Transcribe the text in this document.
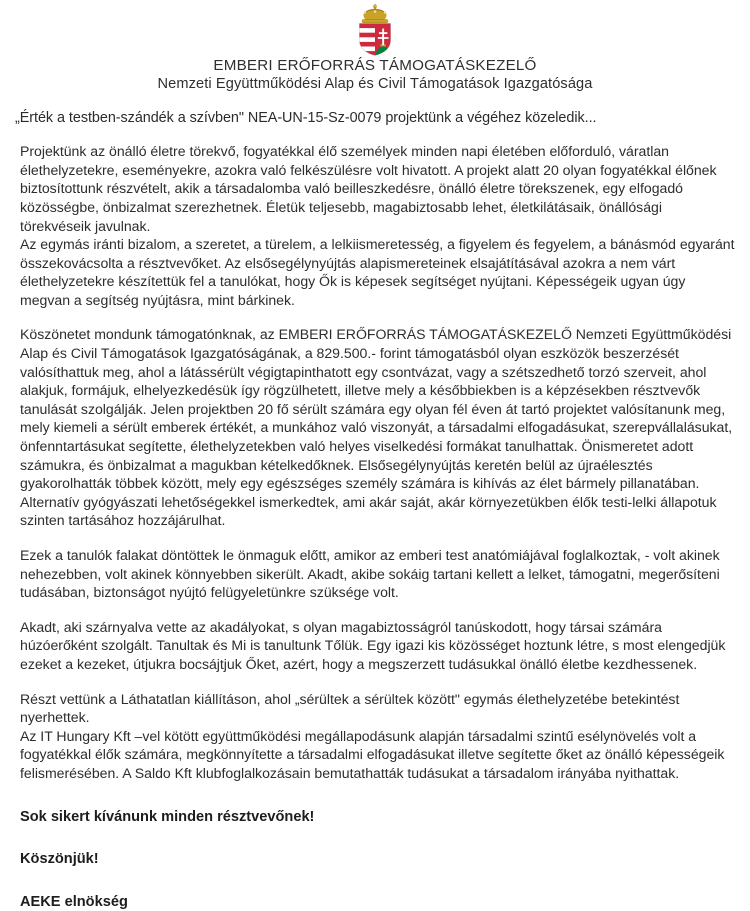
EMBERI ERŐFORRÁS TÁMOGATÁSKEZELŐ
Nemzeti Együttműködési Alap és Civil Támogatások Igazgatósága
„Érték a testben-szándék a szívben" NEA-UN-15-Sz-0079 projektünk a végéhez közeledik...

Projektünk az önálló életre törekvő, fogyatékkal élő személyek minden napi életében előforduló, váratlan élethelyzetekre, eseményekre, azokra való felkészülésre volt hivatott. A projekt alatt 20 olyan fogyatékkal élőnek biztosítottunk részvételt, akik a társadalomba való beilleszkedésre, önálló életre törekszenek, egy elfogadó közösségbe, önbizalmat szerezhetnek. Életük teljesebb, magabiztosabb lehet, életkilátásaik, önállósági törekvéseik javulnak.

Az egymás iránti bizalom, a szeretet, a türelem, a lelkiismeretesség, a figyelem és fegyelem, a bánásmód egyaránt összekovácsolta a résztvevőket. Az elsősegélynyújtás alapismereteinek elsajátításával azokra a nem várt élethelyzetekre készítettük fel a tanulókat, hogy Ők is képesek segítséget nyújtani. Képességeik ugyan úgy megvan a segítség nyújtásra, mint bárkinek.

Köszönetet mondunk támogatónknak, az EMBERI ERŐFORRÁS TÁMOGATÁSKEZELŐ Nemzeti Együttműködési Alap és Civil Támogatások Igazgatóságának, a 829.500.- forint támogatásból olyan eszközök beszerzését valósíthattuk meg, ahol a látássérült végigtapinthatott egy csontvázat, vagy a szétszedhető torzó szerveit, ahol alakjuk, formájuk, elhelyezkedésük így rögzülhetett, illetve mely a későbbiekben is a képzésekben résztvevők tanulását szolgálják. Jelen projektben 20 fő sérült számára egy olyan fél éven át tartó projektet valósítanunk meg, mely kiemeli a sérült emberek értékét, a munkához való viszonyát, a társadalmi elfogadásukat, szerepvállalásukat, önfenntartásukat segítette, élethelyzetekben való helyes viselkedési formákat tanulhattak. Önismeretet adott számukra, és önbizalmat a magukban kételkedőknek. Elsősegélynyújtás keretén belül az újraélesztés gyakorolhatták többek között, mely egy egészséges személy számára is kihívás az élet bármely pillanatában. Alternatív gyógyászati lehetőségekkel ismerkedtek, ami akár saját, akár környezetükben élők testi-lelki állapotuk szinten tartásához hozzájárulhat.

Ezek a tanulók falakat döntöttek le önmaguk előtt, amikor az emberi test anatómiájával foglalkoztak, - volt akinek nehezebben, volt akinek könnyebben sikerült. Akadt, akibe sokáig tartani kellett a lelket, támogatni, megerősíteni tudásában, biztonságot nyújtó felügyeletünkre szüksége volt.

Akadt, aki szárnyalva vette az akadályokat, s olyan magabiztosságról tanúskodott, hogy társai számára húzóerőként szolgált. Tanultak és Mi is tanultunk Tőlük. Egy igazi kis közösséget hoztunk létre, s most elengedjük ezeket a kezeket, útjukra bocsájtjuk Őket, azért, hogy a megszerzett tudásukkal önálló életbe kezdhessenek.

Részt vettünk a Láthatatlan kiállításon, ahol „sérültek a sérültek között" egymás élethelyzetébe betekintést nyerhettek.

Az IT Hungary Kft –vel kötött együttműködési megállapodásunk alapján társadalmi szintű esélynövelés volt a fogyatékkal élők számára, megkönnyítette a társadalmi elfogadásukat illetve segítette őket az önálló képességeik felismerésében. A Saldo Kft klubfoglalkozásain bemutathatták tudásukat a társadalom irányába nyithattak.

Sok sikert kívánunk minden résztvevőnek!
Köszönjük!
AEKE elnökség
